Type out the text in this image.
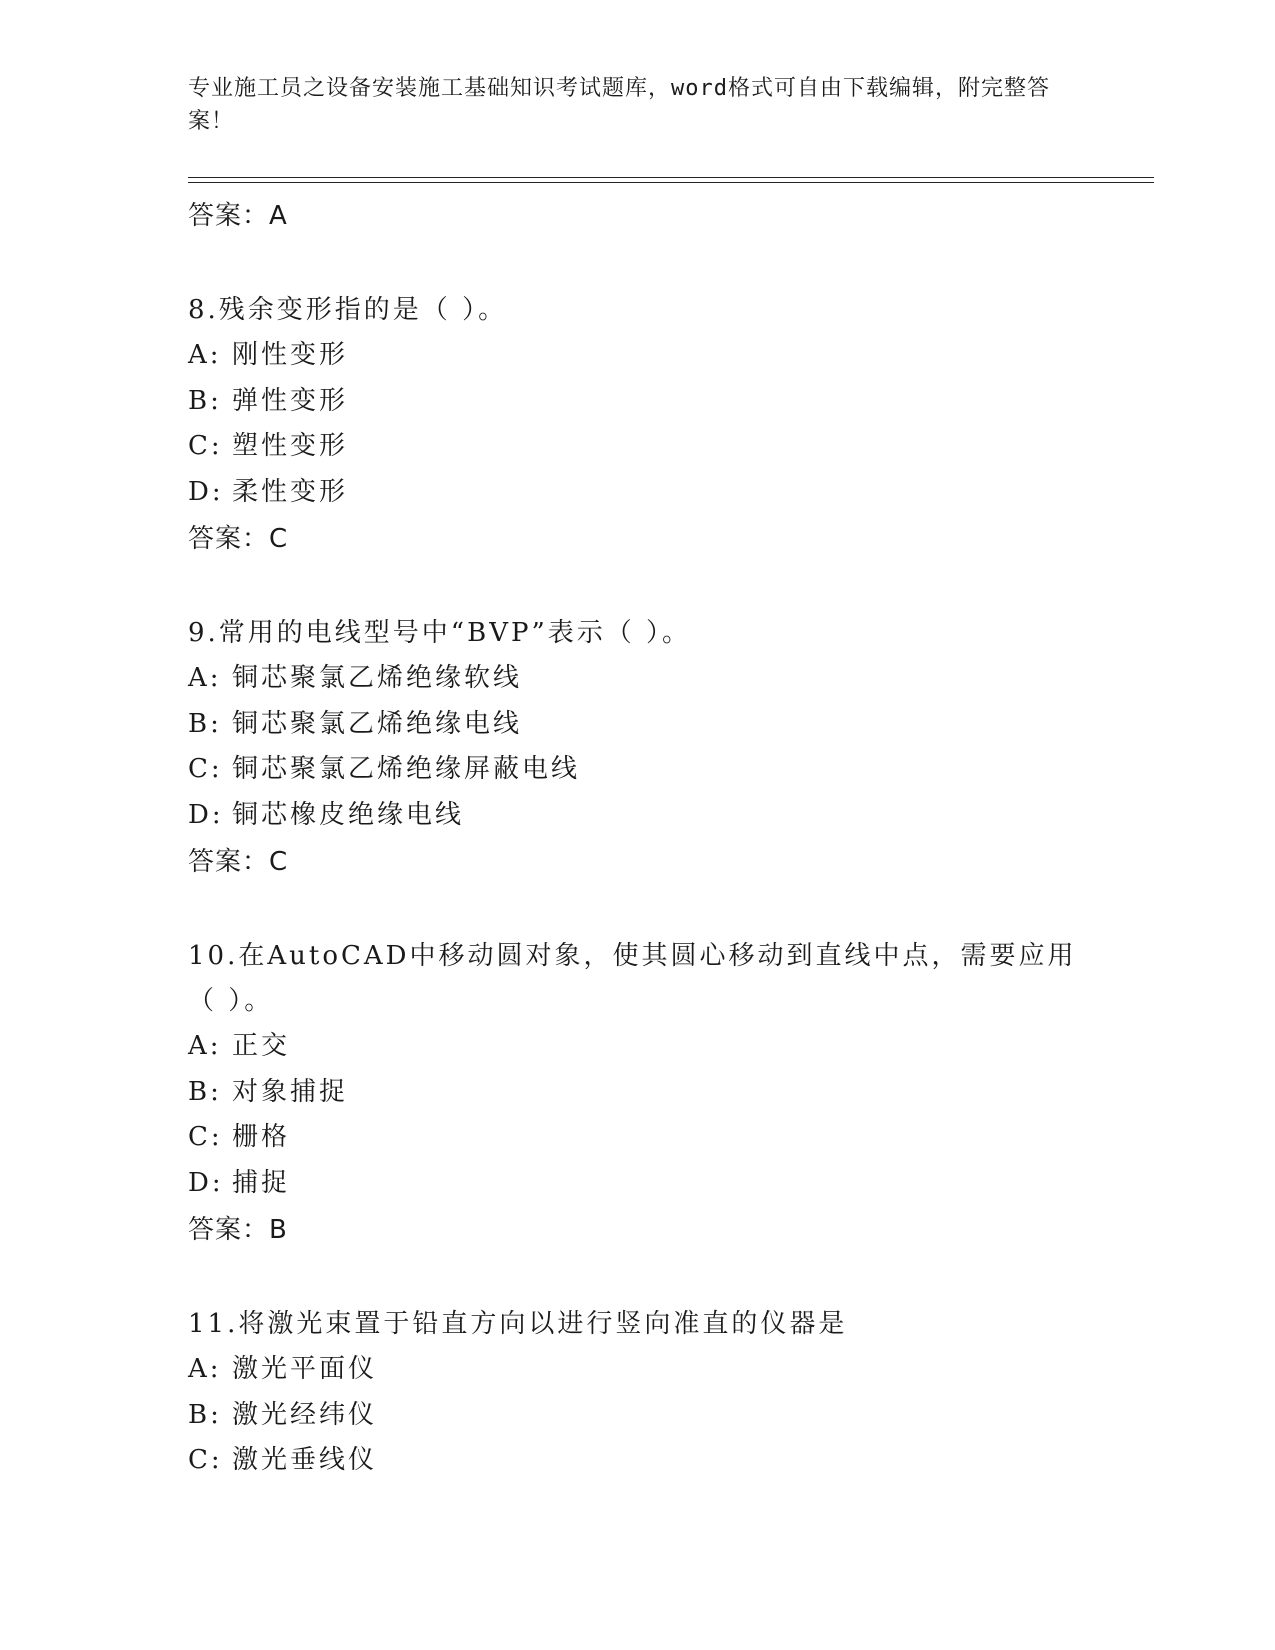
专业施工员之设备安装施工基础知识考试题库，word格式可自由下载编辑，附完整答案！
答案：A
8.残余变形指的是（ ）。
A: 刚性变形
B: 弹性变形
C: 塑性变形
D: 柔性变形
答案：C
9.常用的电线型号中“BVP”表示（ ）。
A: 铜芯聚氯乙烯绝缘软线
B: 铜芯聚氯乙烯绝缘电线
C: 铜芯聚氯乙烯绝缘屏蔽电线
D: 铜芯橡皮绝缘电线
答案：C
10.在AutoCAD中移动圆对象，使其圆心移动到直线中点，需要应用（ ）。
A: 正交
B: 对象捕捉
C: 栅格
D: 捕捉
答案：B
11.将激光束置于铅直方向以进行竖向准直的仪器是
A: 激光平面仪
B: 激光经纬仪
C: 激光垂线仪
